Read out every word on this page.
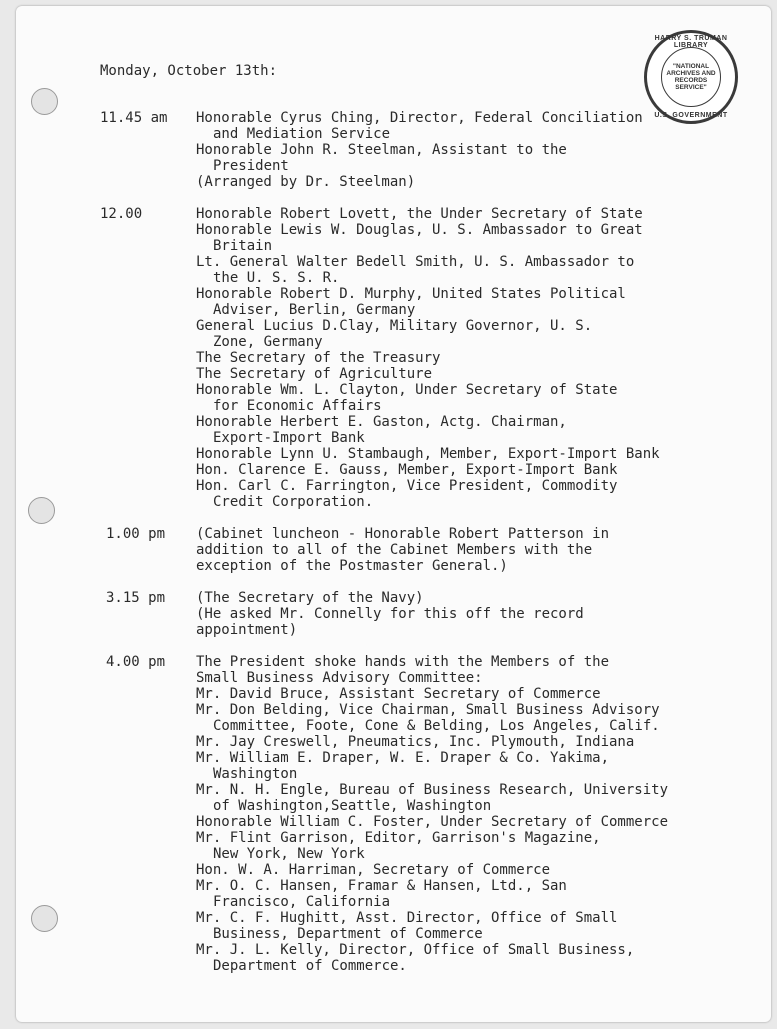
HARRY S. TRUMAN LIBRARY
"NATIONAL ARCHIVES AND RECORDS SERVICE"
U.S. GOVERNMENT
Monday, October 13th:
11.45 am Honorable Cyrus Ching, Director, Federal Conciliation
and Mediation Service
Honorable John R. Steelman, Assistant to the
President
(Arranged by Dr. Steelman)
12.00	Honorable Robert Lovett, the Under Secretary of State
Honorable Lewis W. Douglas, U. S. Ambassador to Great
Britain
Lt. General Walter Bedell Smith, U. S. Ambassador to
the U. S. S. R.
Honorable Robert D. Murphy, United States Political
Adviser, Berlin, Germany
General Lucius D.Clay, Military Governor, U. S.
Zone, Germany
The Secretary of the Treasury
The Secretary of Agriculture
Honorable Wm. L. Clayton, Under Secretary of State
for Economic Affairs
Honorable Herbert E. Gaston, Actg. Chairman,
Export-Import Bank
Honorable Lynn U. Stambaugh, Member, Export-Import Bank
Hon. Clarence E. Gauss, Member, Export-Import Bank
Hon. Carl C. Farrington, Vice President, Commodity
Credit Corporation.
1.00 pm (Cabinet luncheon - Honorable Robert Patterson in
addition to all of the Cabinet Members with the
exception of the Postmaster General.)
3.15 pm (The Secretary of the Navy)
(He asked Mr. Connelly for this off the record
appointment)
4.00 pm The President shoke hands with the Members of the
Small Business Advisory Committee:
Mr. David Bruce, Assistant Secretary of Commerce
Mr. Don Belding, Vice Chairman, Small Business Advisory
Committee, Foote, Cone & Belding, Los Angeles, Calif.
Mr. Jay Creswell, Pneumatics, Inc. Plymouth, Indiana
Mr. William E. Draper, W. E. Draper & Co. Yakima,
Washington
Mr. N. H. Engle, Bureau of Business Research, University
of Washington,Seattle, Washington
Honorable William C. Foster, Under Secretary of Commerce
Mr. Flint Garrison, Editor, Garrison's Magazine,
New York, New York
Hon. W. A. Harriman, Secretary of Commerce
Mr. O. C. Hansen, Framar & Hansen, Ltd., San
Francisco, California
Mr. C. F. Hughitt, Asst. Director, Office of Small
Business, Department of Commerce
Mr. J. L. Kelly, Director, Office of Small Business,
Department of Commerce.
